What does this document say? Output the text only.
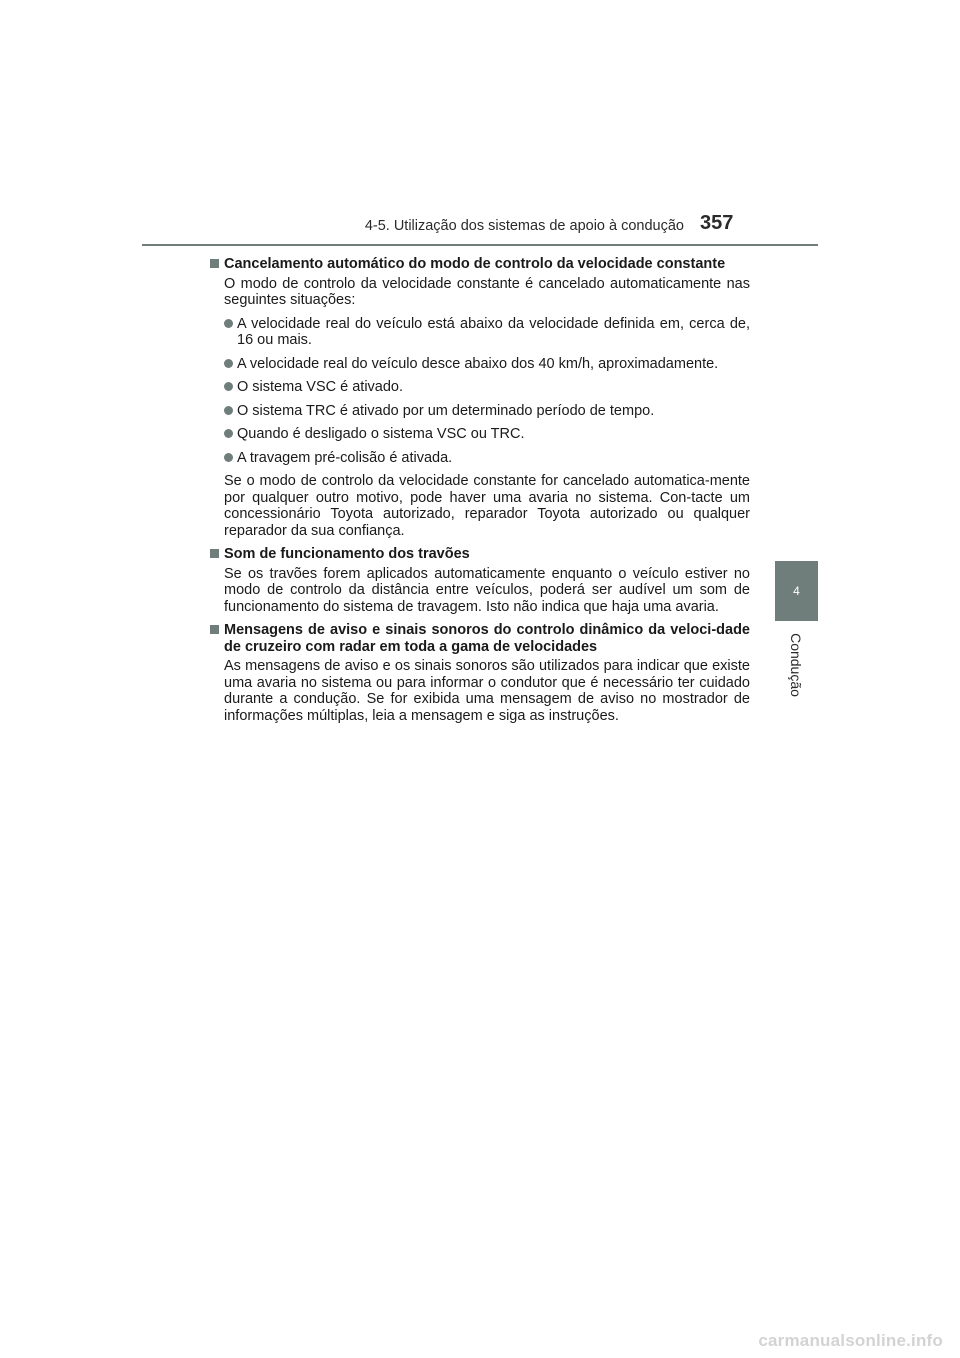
4-5. Utilização dos sistemas de apoio à condução 357
4
Condução
Cancelamento automático do modo de controlo da velocidade constante
O modo de controlo da velocidade constante é cancelado automaticamente nas seguintes situações:
A velocidade real do veículo está abaixo da velocidade definida em, cerca de, 16 ou mais.
A velocidade real do veículo desce abaixo dos 40 km/h, aproximadamente.
O sistema VSC é ativado.
O sistema TRC é ativado por um determinado período de tempo.
Quando é desligado o sistema VSC ou TRC.
A travagem pré-colisão é ativada.
Se o modo de controlo da velocidade constante for cancelado automatica-mente por qualquer outro motivo, pode haver uma avaria no sistema. Con-tacte um concessionário Toyota autorizado, reparador Toyota autorizado ou qualquer reparador da sua confiança.
Som de funcionamento dos travões
Se os travões forem aplicados automaticamente enquanto o veículo estiver no modo de controlo da distância entre veículos, poderá ser audível um som de funcionamento do sistema de travagem. Isto não indica que haja uma avaria.
Mensagens de aviso e sinais sonoros do controlo dinâmico da veloci-dade de cruzeiro com radar em toda a gama de velocidades
As mensagens de aviso e os sinais sonoros são utilizados para indicar que existe uma avaria no sistema ou para informar o condutor que é necessário ter cuidado durante a condução. Se for exibida uma mensagem de aviso no mostrador de informações múltiplas, leia a mensagem e siga as instruções.
carmanualsonline.info
